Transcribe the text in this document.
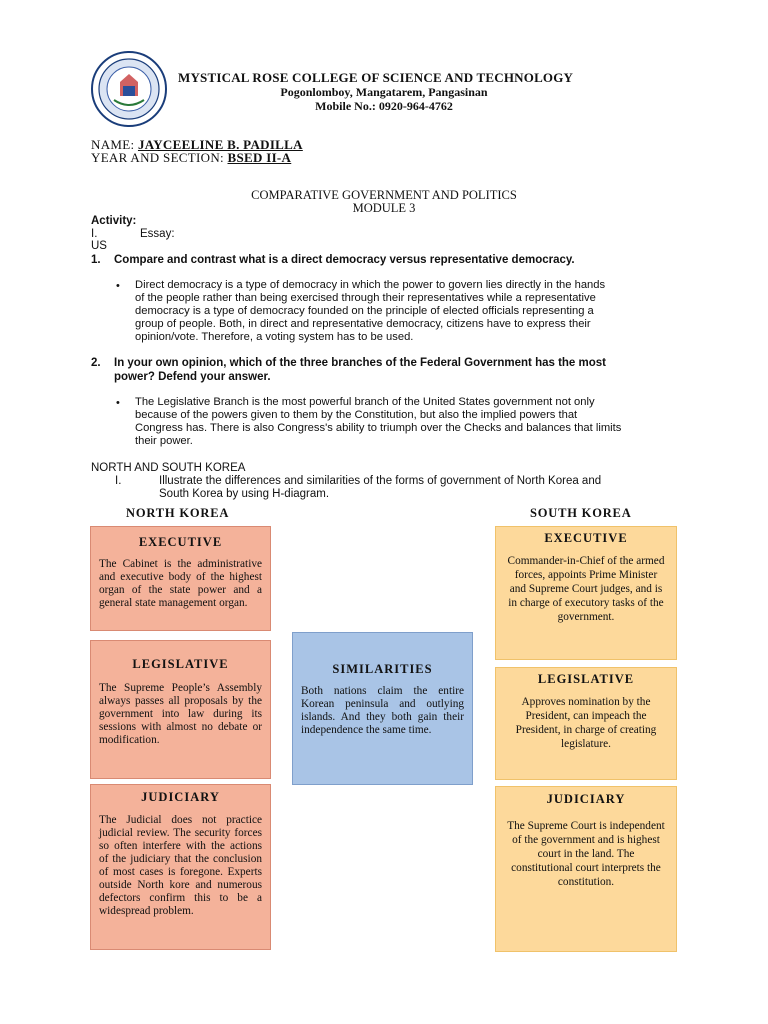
MYSTICAL ROSE COLLEGE OF SCIENCE AND TECHNOLOGY
Pogonlomboy, Mangatarem, Pangasinan
Mobile No.: 0920-964-4762
NAME: JAYCEELINE B. PADILLA
YEAR AND SECTION: BSED II-A
COMPARATIVE GOVERNMENT AND POLITICS
MODULE 3
Activity:
I.	Essay:
US
1. Compare and contrast what is a direct democracy versus representative democracy.
• Direct democracy is a type of democracy in which the power to govern lies directly in the hands
of the people rather than being exercised through their representatives while a representative
democracy is a type of democracy founded on the principle of elected officials representing a
group of people. Both, in direct and representative democracy, citizens have to express their
opinion/vote. Therefore, a voting system has to be used.
2. In your own opinion, which of the three branches of the Federal Government has the most
power? Defend your answer.
• The Legislative Branch is the most powerful branch of the United States government not only
because of the powers given to them by the Constitution, but also the implied powers that
Congress has. There is also Congress's ability to triumph over the Checks and balances that limits
their power.
NORTH AND SOUTH KOREA
I.	Illustrate the differences and similarities of the forms of government of North Korea and
South Korea by using H-diagram.
NORTH KOREA	SOUTH KOREA
EXECUTIVE
The Cabinet is the administrative and executive body of the highest organ of the state power and a general state management organ.
LEGISLATIVE
The Supreme People’s Assembly always passes all proposals by the government into law during its sessions with almost no debate or modification.
JUDICIARY
The Judicial does not practice judicial review. The security forces so often interfere with the actions of the judiciary that the conclusion of most cases is foregone. Experts outside North kore and numerous defectors confirm this to be a widespread problem.
SIMILARITIES
Both nations claim the entire Korean peninsula and outlying islands. And they both gain their independence the same time.
EXECUTIVE
Commander-in-Chief of the armed forces, appoints Prime Minister and Supreme Court judges, and is in charge of executory tasks of the government.
LEGISLATIVE
Approves nomination by the President, can impeach the President, in charge of creating legislature.
JUDICIARY
The Supreme Court is independent of the government and is highest court in the land. The constitutional court interprets the constitution.
